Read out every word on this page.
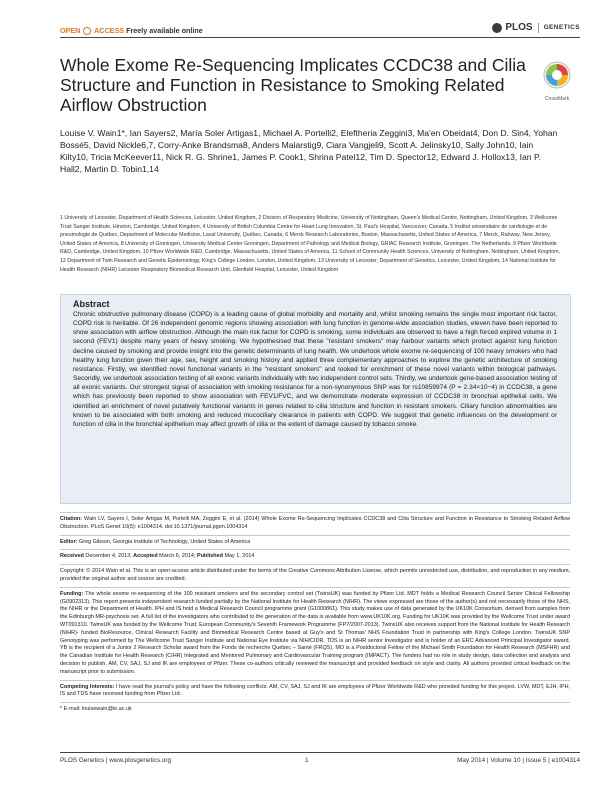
OPEN ACCESS Freely available online	PLOS GENETICS
Whole Exome Re-Sequencing Implicates CCDC38 and Cilia Structure and Function in Resistance to Smoking Related Airflow Obstruction	CrossMark
Louise V. Wain1*, Ian Sayers2, María Soler Artigas1, Michael A. Portelli2, Eleftheria Zeggini3, Ma'en Obeidat4, Don D. Sin4, Yohan Bossé5, David Nickle6,7, Corry-Anke Brandsma8, Anders Malarstig9, Ciara Vangjeli9, Scott A. Jelinsky10, Sally John10, Iain Kilty10, Tricia McKeever11, Nick R. G. Shrine1, James P. Cook1, Shrina Patel12, Tim D. Spector12, Edward J. Hollox13, Ian P. Hall2, Martin D. Tobin1,14
1 University of Leicester, Department of Health Sciences, Leicester, United Kingdom, 2 Division of Respiratory Medicine, University of Nottingham, Queen's Medical Centre, Nottingham, United Kingdom, 3 Wellcome Trust Sanger Institute, Hinxton, Cambridge, United Kingdom, 4 University of British Columbia Centre for Heart Lung Innovation, St. Paul's Hospital, Vancouver, Canada, 5 Institut universitaire de cardiologie et de pneumologie de Québec, Department of Molecular Medicine, Laval University, Québec, Canada, 6 Merck Research Laboratories, Boston, Massachusetts, United States of America, 7 Merck, Rahway, New Jersey, United States of America, 8 University of Groningen, University Medical Center Groningen, Department of Pathology and Medical Biology, GRIAC Research Institute, Groningen, The Netherlands, 9 Pfizer Worldwide R&D, Cambridge, United Kingdom, 10 Pfizer Worldwide R&D, Cambridge, Massachusetts, United States of America, 11 School of Community Health Sciences, University of Nottingham, Nottingham, United Kingdom, 12 Department of Twin Research and Genetic Epidemiology, King's College London, London, United Kingdom, 13 University of Leicester, Department of Genetics, Leicester, United Kingdom, 14 National Institute for Health Research (NIHR) Leicester Respiratory Biomedical Research Unit, Glenfield Hospital, Leicester, United Kingdom
Abstract
Chronic obstructive pulmonary disease (COPD) is a leading cause of global morbidity and mortality and, whilst smoking remains the single most important risk factor, COPD risk is heritable. Of 26 independent genomic regions showing association with lung function in genome-wide association studies, eleven have been reported to show association with airflow obstruction. Although the main risk factor for COPD is smoking, some individuals are observed to have a high forced expired volume in 1 second (FEV1) despite many years of heavy smoking. We hypothesised that these "resistant smokers" may harbour variants which protect against lung function decline caused by smoking and provide insight into the genetic determinants of lung health. We undertook whole exome re-sequencing of 100 heavy smokers who had healthy lung function given their age, sex, height and smoking history and applied three complementary approaches to explore the genetic architecture of smoking resistance. Firstly, we identified novel functional variants in the "resistant smokers" and looked for enrichment of these novel variants within biological pathways. Secondly, we undertook association testing of all exonic variants individually with two independent control sets. Thirdly, we undertook gene-based association testing of all exonic variants. Our strongest signal of association with smoking resistance for a non-synonymous SNP was for rs10859974 (P = 2.34×10−4) in CCDC38, a gene which has previously been reported to show association with FEV1/FVC, and we demonstrate moderate expression of CCDC38 in bronchial epithelial cells. We identified an enrichment of novel putatively functional variants in genes related to cilia structure and function in resistant smokers. Ciliary function abnormalities are known to be associated with both smoking and reduced mucociliary clearance in patients with COPD. We suggest that genetic influences on the development or function of cilia in the bronchial epithelium may affect growth of cilia or the extent of damage caused by tobacco smoke.

Citation: Wain LV, Sayers I, Soler Artigas M, Portelli MA, Zeggini E, et al. (2014) Whole Exome Re-Sequencing Implicates CCDC38 and Cilia Structure and Function in Resistance to Smoking Related Airflow Obstruction. PLoS Genet 10(5): e1004314. doi:10.1371/journal.pgen.1004314

Editor: Greg Gibson, Georgia Institute of Technology, United States of America

Received December 4, 2013; Accepted March 6, 2014; Published May 1, 2014

Copyright: © 2014 Wain et al. This is an open-access article distributed under the terms of the Creative Commons Attribution License, which permits unrestricted use, distribution, and reproduction in any medium, provided the original author and source are credited.

Funding: The whole exome re-sequencing of the 100 resistant smokers and the secondary control set (TwinsUK) was funded by Pfizer Ltd. MDT holds a Medical Research Council Senior Clinical Fellowship (G0902313). This report presents independent research funded partially by the National Institute for Health Research (NIHR). The views expressed are those of the author(s) and not necessarily those of the NHS, the NIHR or the Department of Health. IPH and IS hold a Medical Research Council programme grant (G1000861). This study makes use of data generated by the UK10K Consortium, derived from samples from the Edinburgh MR-psychosis set. A full list of the investigators who contributed to the generation of the data is available from www.UK10K.org. Funding for UK10K was provided by the Wellcome Trust under award WT091310. TwinsUK was funded by the Wellcome Trust; European Community's Seventh Framework Programme (FP7/2007-2013). TwinsUK also receives support from the National Institute for Health Research (NIHR)- funded BioResource, Clinical Research Facility and Biomedical Research Centre based at Guy's and St Thomas' NHS Foundation Trust in partnership with King's College London. TwinsUK SNP Genotyping was performed by The Wellcome Trust Sanger Institute and National Eye Institute via NIH/CIDR. TDS is an NIHR senior Investigator and is holder of an ERC Advanced Principal Investigator award. YB is the recipient of a Junior 2 Research Scholar award from the Fonds de recherche Québec – Santé (FRQS). MO is a Postdoctoral Fellow of the Michael Smith Foundation for Health Research (MSFHR) and the Canadian Institute for Health Research (CIHR) Integrated and Mentored Pulmonary and Cardiovascular Training program (IMPACT). The funders had no role in study design, data collection and analysis and decision to publish. AM, CV, SAJ, SJ and IK are employees of Pfizer. These co-authors critically reviewed the manuscript and provided feedback on style and clarity. All authors provided critical feedback on the manuscript prior to submission.

Competing Interests: I have read the journal's policy and have the following conflicts: AM, CV, SAJ, SJ and IK are employees of Pfizer Worldwide R&D who provided funding for this project. LVW, MDT, EJH, IPH, IS and TDS have received funding from Pfizer Ltd.

* E-mail: louisewain@le.ac.uk

PLOS Genetics | www.plosgenetics.org	1	May 2014 | Volume 10 | Issue 5 | e1004314
